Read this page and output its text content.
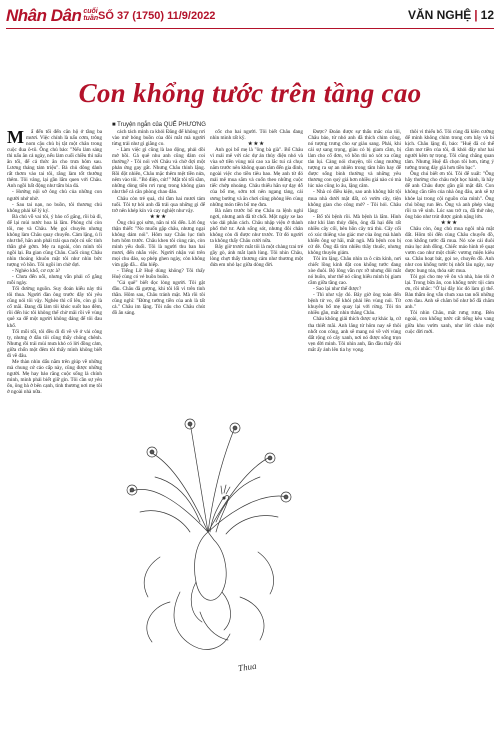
Nhân Dân cuối
tuần SỐ 37 (1750) 11/9/2022	VĂN NGHỆ | 12
Con khổng tước trên tầng cao
■ Truyện ngắn của QUẾ PHƯƠNG
M	ẩ đến tối đến căn hộ ở tầng ba mươi. Việc chính là nấu cơm, trông nom cậu chủ bị tật một chân trong cuộc đua ô-tô. Ông chủ bảo: "Nếu làm sáng thì nấu ăn cả ngày, nếu làm cuối chiều thì nấu ăn tối, để cả thức ăn cho trưa hôm sau. Lương tháng tám triệu". Bà chủ dông dành rất thơm vào tai tôi, rằng làm tốt thưởng thêm. Tôi vâng, lại gần lắm quen với Châu. Anh ngồi bất động như tấm bia đá.

- Hướng nội sở ông chủ của những con người nhớ nhờ.

- Sau tai nạn, no buồn, tôi thương chú không phải kể lý ký.

Bà chủ vỗ vai tôi, ý bảo cố gắng, rồi bà đi, để lại mùi nước hoa lá lăm. Phòng chỉ còn tôi, mẹ và Châu. Mẹ gọi chuyên nhưng không làm Châu quay chuyển. Cảm lặng, ủ lì như thể, hắn anh phải trải qua một cú sốc tinh thần ghê gớm. Mẹ ra ngoài, còn mình tôi ngồi lại. Ba gian cũng Châu. Cuối cùng Châu nhìn thoáng khuôn mặt tôi như nhìn bức tượng vô hồn. Tôi ngồi im chờ đợi.

- Nghèo khổ, cơ cực à?

- Chưa đến nỗi, nhưng vẫn phải cố gắng mỗi ngày.

Tối đường nguồn. Suy đoán kiểu này thì tôi thua. Người đàn ông trước đây tôi yêu cũng nói tôi vậy. Nghèo thì cố lên, còn gì là cố mãi. Đang đã làm tôi khóc suốt bao đêm, rồi đến lúc tôi không thể chờ mãi rồi về vùng quê xa để một người không đáng để tôi đau khổ.

Tối mỗi tối, tôi đều đi đi về về ở vài công ty, nhưng ở đâu tôi cũng thấy chông chênh. Nhưng rồi trái mùi mưa khó có lời đồng cảm, giữa chốn một đêm tôi thấy mình không biết đi về đâu.

Me thàn nhìn dấu nằm trên giúp về những mà chung cứ cảo cấp này, cũng được những người. Mẹ hay bảo rằng cuộc sống là chính mình, mình phải biết giữ gìn. Tôi cần sự yên ổn, ông bà ở bên cạnh, tình thương nơi mẹ tôi ở ngoài nhà nữa.

cách tách mình ra khỏi Đăng để không rơi vào mở bóng buồn của đôi mắt mà người từng trải như gì giằng co.

- Làm việc gì cũng là lao động, phải dồi mở hồi. Gả quê nhu anh cũng đám coi thường? - Tôi nói với Châu và chờ đợi một phản ứng gay gắt. Nhưng Châu thinh lặng. Rồi đột nhiên, Châu mặc thêm mệt tiền nửa, nêm vào tôi. "Bỏ điện, cút!" Mặt tôi tối sầm, những dòng tiền rơi rụng trong không gian như thể cả căn phòng chao đảo.

Châu còn trẻ quá, chỉ tầm hai mươi tám tuổi. Tôi tự hỏi anh đã trải qua những gì để trở nên khép kín và cay nghiệt như vậy.

★★★

Ông chú gọi sớm, nắn ni tôi đến. Lời ông thận thiết: "No muốn gặp châu, nhưng ngại không dám nói". Hôm nay Châu lục tình hơn hôm trước. Châu khen tôi cùng rán, còn mình yếu đuối. Tôi là người thu ban hai mươi, đến nhắn việc. Người nhận vai trên mọi chu đáo, sọ phép ghen ngày, còn không vừa gặp đã... đâu hiếp.

- Tiếng Lữ Huệ dùng không? Tôi thấy Huệ cùng có vẻ buồn buồn.

"Gả quê" biết đọc lòng người. Tôi gật đầu. Châu đã gượng, khi tôi lối vì trên tinh thần. Hôm sau, Châu tránh mặt. Mà rồi tôi cũng nghĩ: "Đừng tưởng tiền của anh là tất cả." Châu im lặng. Tôi nấu cho Châu chút đồ ăn sáng.

cốc cho hai người. Tôi biết Châu đang nhìn mình rất kỹ.

★★★

Anh gọi bố mẹ là "ông bà già". Bố Châu vì mải mê với các dự án thủy điện nhỏ và vùa sở tiền vùng núi cao xa lắc tui cả chục năm trước nên không quan tâm đến gia đình, ngoài việc cho tiền tiêu bao. Mẹ anh từ đó mải mê mua sắm và cuốn theo những cuộc tiếc chớp nhoáng. Châu thiếu hẳn sự dạy dỗ của bố mẹ, sớm tơi nên ngang tàng, cái ương bướng và ăn chơi cũng phỏng lên cùng những món tiền bố mẹ đưa.

Bà năm trước bố mẹ Châu ra lệnh nghỉ ngơi, nhưng anh đã từ chối. Một ngày xe lao vào dải phân cách. Châu nhập viện ở thành phố thứ tư. Anh sống sót, nhưng đôi chân không còn đi được như trước. Từ đó người ta không thấy Châu cười nữa.

Bây giờ trước mắt tôi là một chàng trai trẻ gầy gò, ánh mắt lạnh lùng. Tôi nhìn Châu, lòng chợt thấy thương cảm như thương một đứa em nhỏ lạc giữa dòng đời.

Được? Đoán được sự thấu mắc của tôi, Châu bảo, từ nhỏ anh đã thích chim công, nó tượng trưng cho sự giàu sang. Phải, khi cái sự sang trọng, giàu có bị giam cầm, bị làm cho cổ đơn, vô hồn thì nó xót xa cũng tàn lụi. Càng nói chuyện, tôi càng mường tượng ra sự an nhiên trong tâm hồn hay để được sống bình thường và những yêu thương con quý giá hơn nhiều giá nào có mà lúc nào cũng lo âu, lặng câm.

- Nhà có điều kiện, sao anh không bắt tội mua nhà dưới mặt đất, có vườn cây, tiện không gian cho công mở? - Tôi hỏi. Châu lặng:

- Bố tôi bệnh rồi. Mà bệnh là lắm. Hình như khi làm thủy điện, ông đã hại đến rất nhiều cây cối, bên hồn cây trả thù. Cây cối có xúc thiêng vào giác mơ của ông mà hành khiến ông sợ hãi, mất ngủ. Mà bệnh con bị cứ đẻ. Ông đã tìm nhiều thầy thuốc, nhưng không thuyên giảm.

Tôi im lặng. Châu nhìn ra ô cửa kính, nơi chiếc lồng kính đặt con khổng tước đang xòe đuôi. Bộ lông vẫn rực rỡ nhưng đôi mắt nó buồn, như thể nó cũng hiểu mình bị giam cầm giữa tầng cao.

- Sao lại như thế được?

- Thì như vậy đó. Bây giờ ông toàn đến bệnh tử vo, để khỏi phải lên vùng núi. Từ khuyên bố mẹ quay lại với rừng. Tôi tin nhiều gần, mắt nhìn thẳng Châu.

Châu không giải thích được sự khác lạ, cứ tha thiết mãi. Anh lăng từ hôm nay sẽ thôi nhốt con công, anh sẽ mang nó về với vùng đất rộng có cây xanh, nơi nó được sống trọn vẹn đời mình. Tôi nhìn anh, lần đầu thấy đôi mắt ấy ánh lên tia hy vọng.

thôi vì thiếu bố. Tôi cùng đã kiên cường để mình không chìm trong cơn bây và bi kịch. Châu lặng đi, bảo: "Huệ đã có thể cầm mơ tiền của tôi, đi khỏi đây như hai người kêm tự trọng. Tôi cũng chẳng quan tâm. Nhưng Huệ đã chọn tôi hơn, từng ý tưởng trong đáy giá hơn tiền bạc".

Ông chú biết ơn tôi. Tôi để xuất: "Ông hãy thường cho châu một học hành, là hãy để anh Châu được gần gũi mặt đất. Con không cần tiền của nhà ông đâu, anh sẽ tự khỏe lại trong cội nguồn của mình". Ông chú bồng run lên. Ông và anh phép vàng rồi ra về sinh. Lúc sau trở ra, đã thở nhẹ, ông bảo như trút được gánh nặng lớn.

★★★

Châu còn, ông chủ mua ngôi nhà mặt đất. Hôm tôi đến cùng Châu chuyển đồ, con khổng tước đã mua. Nó xòe cái đuôi màu lục ánh đồng. Chiếc máo hình rẽ quạt vươn cao như một chiếc vương miện kiêu sa. Châu hoạt bát, gọi xe, chuyển đồ. Anh như con khổng tước bị nhốt lâu ngày, nay được bung tỏa, thỏa sức mua.

Tôi gọi cho mẹ về ôn và nhà, báo tôi ở lại. Trong bữa ăn, con khổng tước tội cảm ơn, rồi nhắc: "Ở lại đây lúc đó làm gì thế. Bàn thẩm ông vẫn chưa xua tan nổi những cơn đau. Anh sẽ chăm bố như bố đã chăm anh."

Tôi nhìn Châu, mắt rưng rưng. Bên ngoài, con khổng tước cất tiếng kêu vang giữa khu vườn xanh, như lời chào một cuộc đời mới.

Thua
